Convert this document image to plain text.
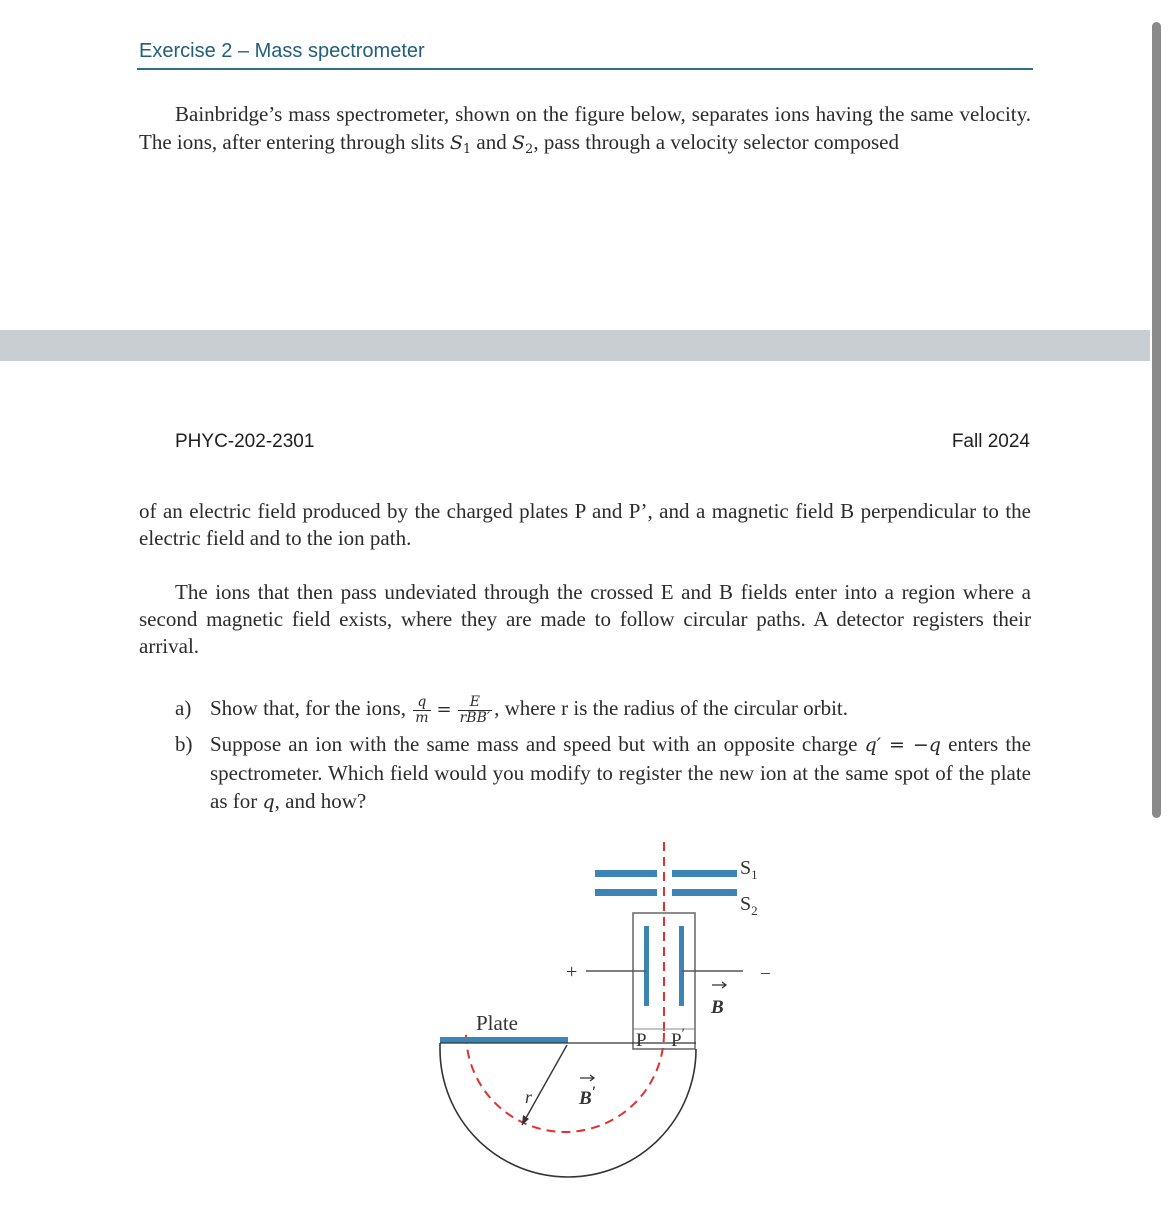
Exercise 2 – Mass spectrometer
Bainbridge’s mass spectrometer, shown on the figure below, separates ions having the same velocity. The ions, after entering through slits $S_1$ and $S_2$, pass through a velocity selector composed
PHYC-202-2301	Fall 2024
of an electric field produced by the charged plates P and P’, and a magnetic field B perpendicular to the electric field and to the ion path.
The ions that then pass undeviated through the crossed E and B fields enter into a region where a second magnetic field exists, where they are made to follow circular paths. A detector registers their arrival.
a) Show that, for the ions, $\frac{q}{m} = \frac{E}{\text{rBB′}}$ , where r is the radius of the circular orbit.
b) Suppose an ion with the same mass and speed but with an opposite charge q′ = −q enters the spectrometer. Which field would you modify to register the new ion at the same spot of the plate as for q, and how?
$S_1$
$S_2$
+	–
B
P P′
Plate
r B′
